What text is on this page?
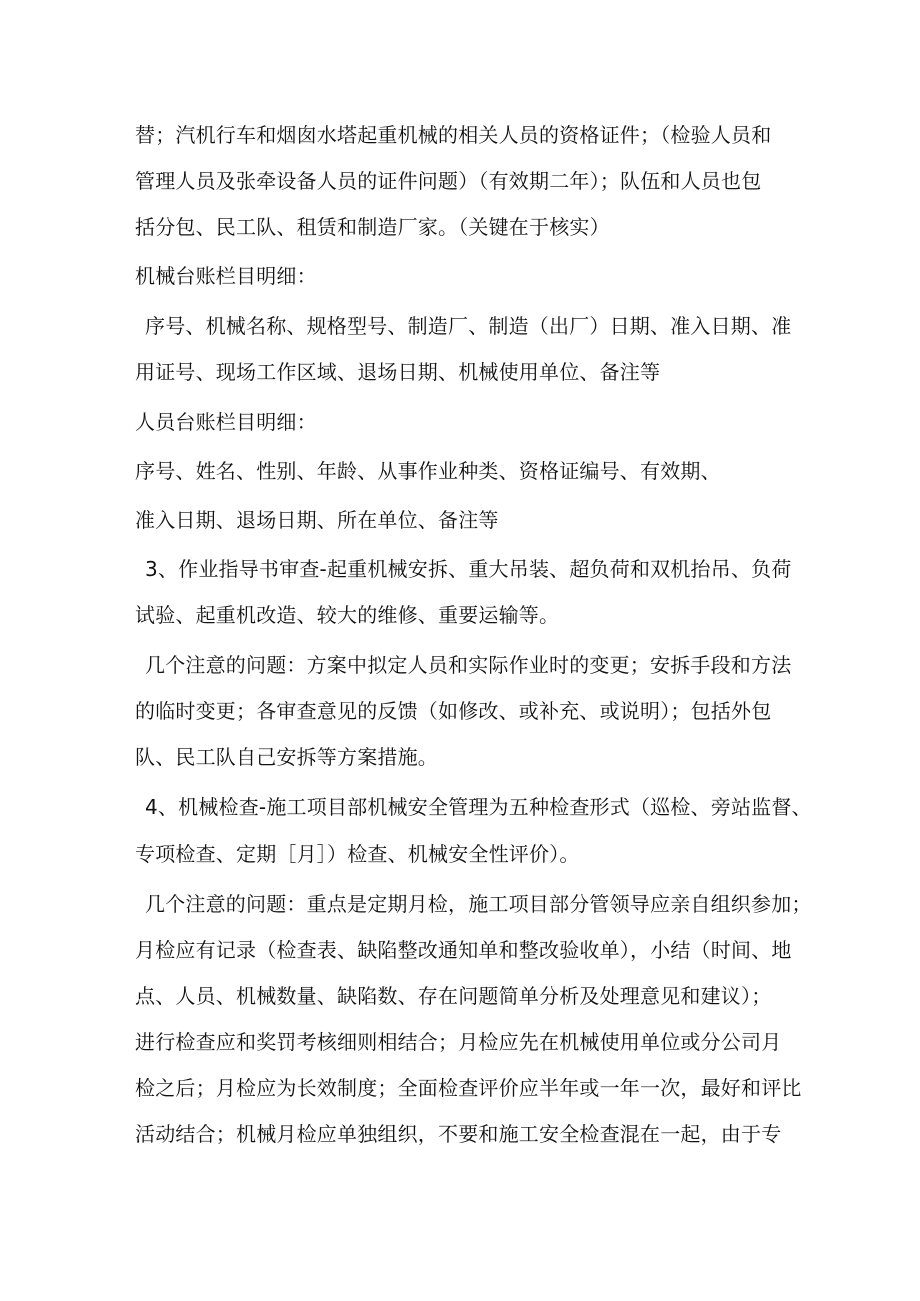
替；汽机行车和烟囱水塔起重机械的相关人员的资格证件；（检验人员和
管理人员及张牵设备人员的证件问题）（有效期二年）；队伍和人员也包
括分包、民工队、租赁和制造厂家。（关键在于核实）
机械台账栏目明细：
序号、机械名称、规格型号、制造厂、制造（出厂）日期、准入日期、准
用证号、现场工作区域、退场日期、机械使用单位、备注等
人员台账栏目明细：
序号、姓名、性别、年龄、从事作业种类、资格证编号、有效期、
准入日期、退场日期、所在单位、备注等
3、作业指导书审查-起重机械安拆、重大吊装、超负荷和双机抬吊、负荷
试验、起重机改造、较大的维修、重要运输等。
几个注意的问题：方案中拟定人员和实际作业时的变更；安拆手段和方法
的临时变更；各审查意见的反馈（如修改、或补充、或说明）；包括外包
队、民工队自己安拆等方案措施。
4、机械检查-施工项目部机械安全管理为五种检查形式（巡检、旁站监督、
专项检查、定期［月］）检查、机械安全性评价）。
几个注意的问题：重点是定期月检，施工项目部分管领导应亲自组织参加；
月检应有记录（检查表、缺陷整改通知单和整改验收单），小结（时间、地
点、人员、机械数量、缺陷数、存在问题简单分析及处理意见和建议）；
进行检查应和奖罚考核细则相结合；月检应先在机械使用单位或分公司月
检之后；月检应为长效制度；全面检查评价应半年或一年一次，最好和评比
活动结合；机械月检应单独组织，不要和施工安全检查混在一起，由于专
